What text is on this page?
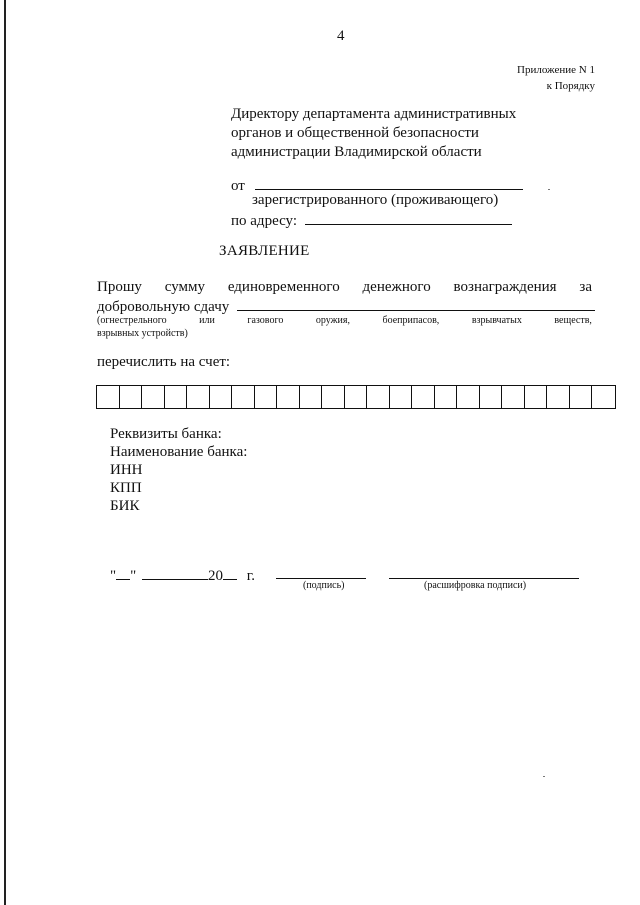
4
Приложение N 1
к Порядку
Директору департамента административных
органов и общественной безопасности
администрации Владимирской области
от
зарегистрированного (проживающего)
по адресу:
ЗАЯВЛЕНИЕ
Прошу сумму единовременного денежного вознаграждения за
добровольную сдачу
(огнестрельного	или	газового	оружия,	боеприпасов,	взрывчатых	веществ,
взрывных устройств)
перечислить на счет:
Реквизиты банка:
Наименование банка:
ИНН
КПП
БИК
" "	20 г.
(подпись)	(расшифровка подписи)
